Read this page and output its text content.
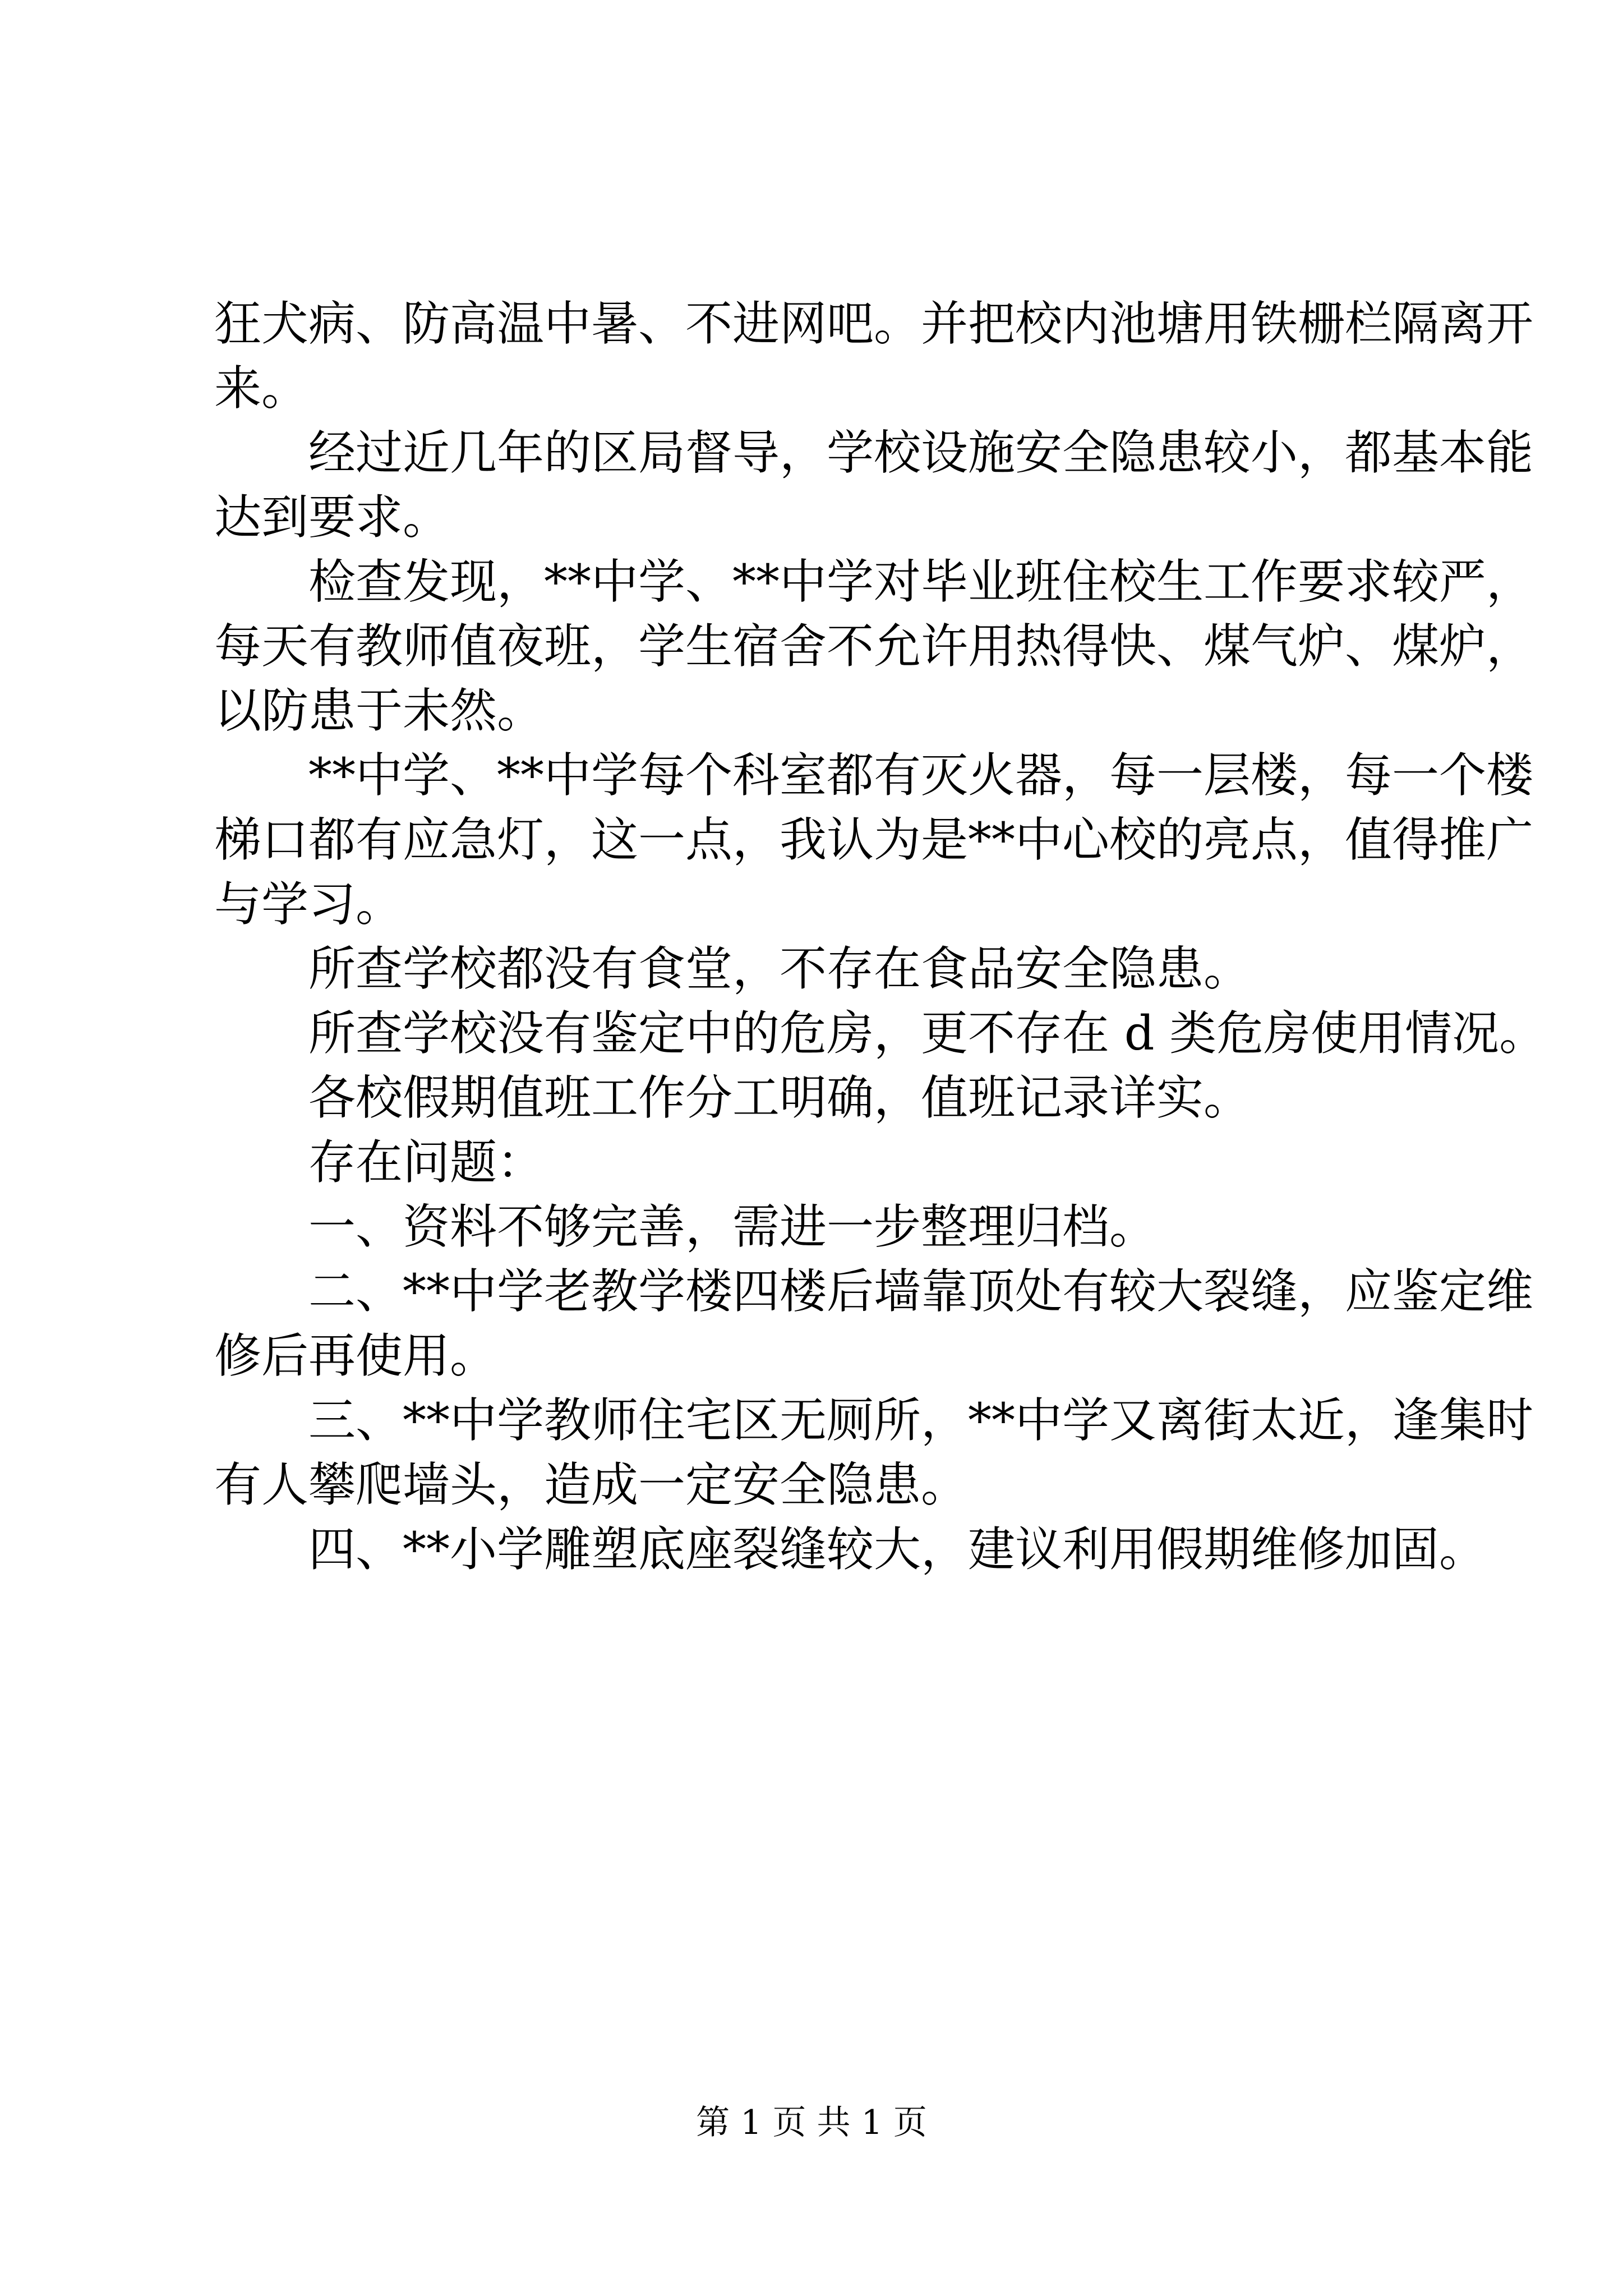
狂犬病、防高温中暑、不进网吧。并把校内池塘用铁栅栏隔离开
来。
经过近几年的区局督导，学校设施安全隐患较小，都基本能
达到要求。
检查发现，**中学、**中学对毕业班住校生工作要求较严，
每天有教师值夜班，学生宿舍不允许用热得快、煤气炉、煤炉，
以防患于未然。
**中学、**中学每个科室都有灭火器，每一层楼，每一个楼
梯口都有应急灯，这一点，我认为是**中心校的亮点，值得推广
与学习。
所查学校都没有食堂，不存在食品安全隐患。
所查学校没有鉴定中的危房，更不存在 d 类危房使用情况。
各校假期值班工作分工明确，值班记录详实。
存在问题：
一、资料不够完善，需进一步整理归档。
二、**中学老教学楼四楼后墙靠顶处有较大裂缝，应鉴定维
修后再使用。
三、**中学教师住宅区无厕所，**中学又离街太近，逢集时
有人攀爬墙头，造成一定安全隐患。
四、**小学雕塑底座裂缝较大，建议利用假期维修加固。
第 1 页 共 1 页
